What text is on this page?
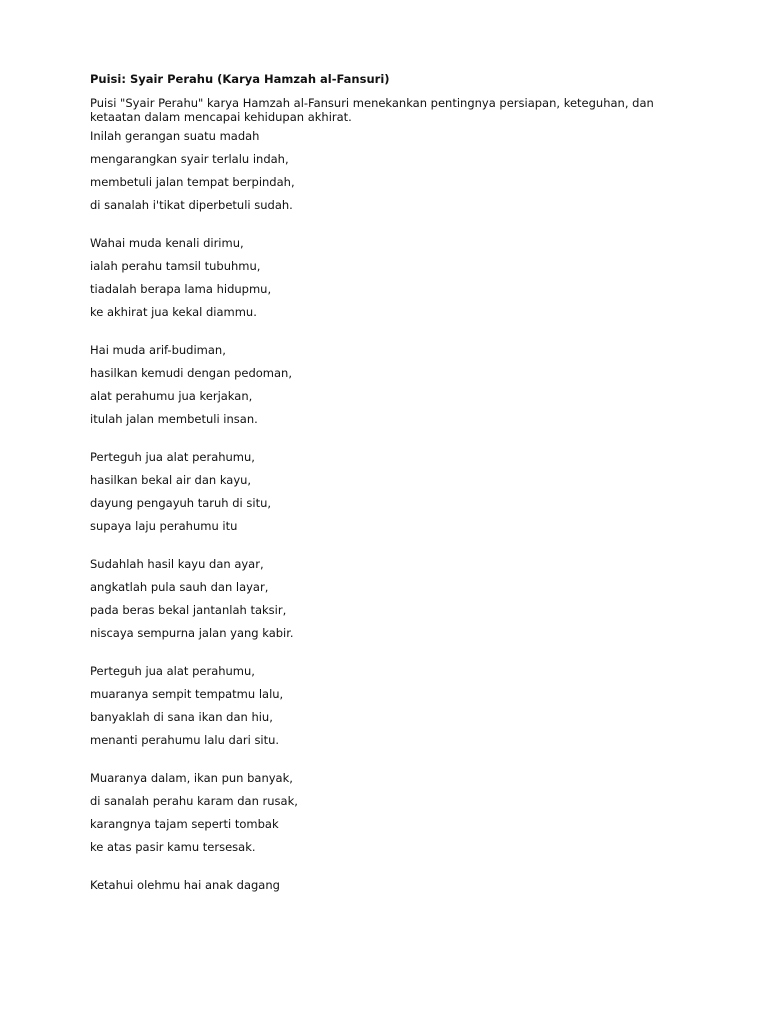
Puisi: Syair Perahu (Karya Hamzah al-Fansuri)

Puisi "Syair Perahu" karya Hamzah al-Fansuri menekankan pentingnya persiapan, keteguhan, dan ketaatan dalam mencapai kehidupan akhirat.

Inilah gerangan suatu madah

mengarangkan syair terlalu indah,

membetuli jalan tempat berpindah,

di sanalah i'tikat diperbetuli sudah.

Wahai muda kenali dirimu,

ialah perahu tamsil tubuhmu,

tiadalah berapa lama hidupmu,

ke akhirat jua kekal diammu.

Hai muda arif-budiman,

hasilkan kemudi dengan pedoman,

alat perahumu jua kerjakan,

itulah jalan membetuli insan.

Perteguh jua alat perahumu,

hasilkan bekal air dan kayu,

dayung pengayuh taruh di situ,

supaya laju perahumu itu

Sudahlah hasil kayu dan ayar,

angkatlah pula sauh dan layar,

pada beras bekal jantanlah taksir,

niscaya sempurna jalan yang kabir.

Perteguh jua alat perahumu,

muaranya sempit tempatmu lalu,

banyaklah di sana ikan dan hiu,

menanti perahumu lalu dari situ.

Muaranya dalam, ikan pun banyak,

di sanalah perahu karam dan rusak,

karangnya tajam seperti tombak

ke atas pasir kamu tersesak.

Ketahui olehmu hai anak dagang
